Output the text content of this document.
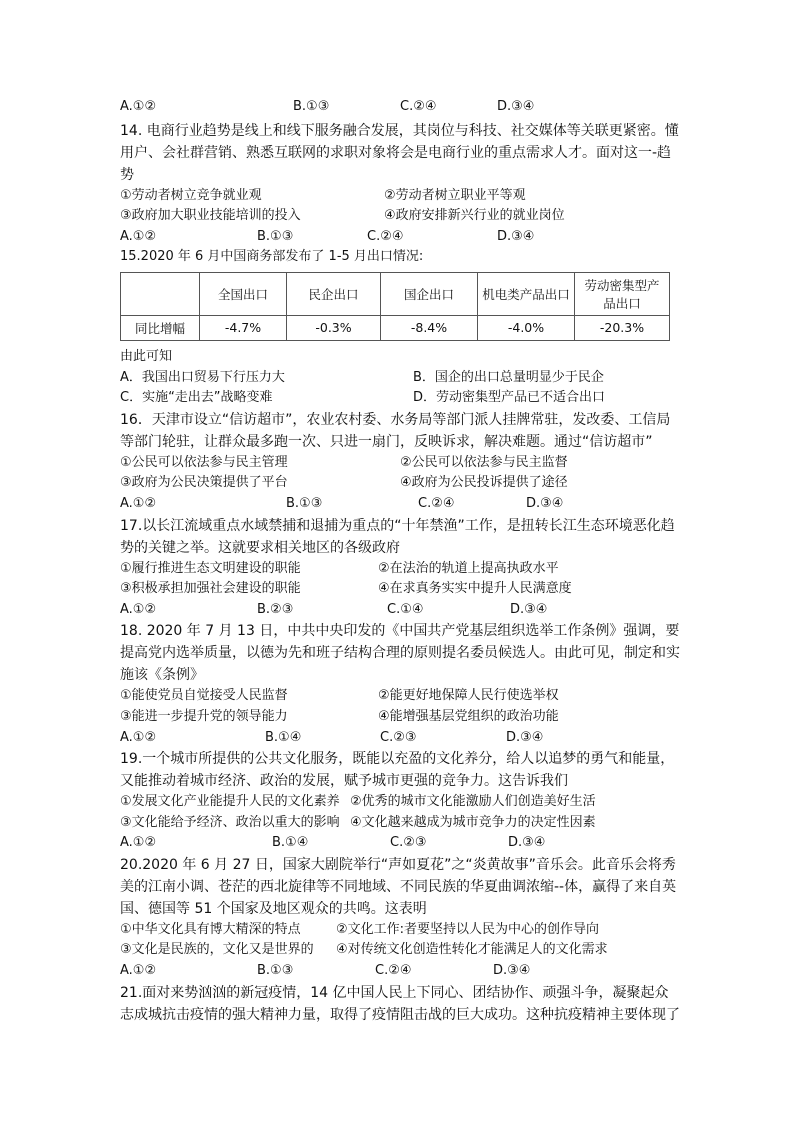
A.①②	B.①③	C.②④	D.③④
14. 电商行业趋势是线上和线下服务融合发展，其岗位与科技、社交媒体等关联更紧密。懂用户、会社群营销、熟悉互联网的求职对象将会是电商行业的重点需求人才。面对这一-趋势
①劳动者树立竞争就业观	②劳动者树立职业平等观
③政府加大职业技能培训的投入	④政府安排新兴行业的就业岗位
A.①②	B.①③	C.②④	D.③④
15.2020 年 6 月中国商务部发布了 1-5 月出口情况:
	全国出口	民企出口	国企出口	机电类产品出口	劳动密集型产品出口
同比增幅	-4.7%	-0.3%	-8.4%	-4.0%	-20.3%
由此可知
A．我国出口贸易下行压力大	B．国企的出口总量明显少于民企
C．实施“走出去”战略变难	D．劳动密集型产品已不适合出口
16．天津市设立“信访超市”，农业农村委、水务局等部门派人挂牌常驻，发改委、工信局等部门轮驻，让群众最多跑一次、只进一扇门，反映诉求，解决难题。通过“信访超市”
①公民可以依法参与民主管理	②公民可以依法参与民主监督
③政府为公民决策提供了平台	④政府为公民投诉提供了途径
A.①②	B.①③	C.②④	D.③④
17.以长江流域重点水域禁捕和退捕为重点的“十年禁渔”工作，是扭转长江生态环境恶化趋势的关键之举。这就要求相关地区的各级政府
①履行推进生态文明建设的职能	②在法治的轨道上提高执政水平
③积极承担加强社会建设的职能	④在求真务实实中提升人民满意度
A.①②	B.②③	C.①④	D.③④
18. 2020 年 7 月 13 日，中共中央印发的《中国共产党基层组织选举工作条例》强调，要提高党内选举质量，以德为先和班子结构合理的原则提名委员候选人。由此可见，制定和实施该《条例》
①能使党员自觉接受人民监督	②能更好地保障人民行使选举权
③能进一步提升党的领导能力	④能增强基层党组织的政治功能
A.①②	B.①④	C.②③	D.③④
19.一个城市所提供的公共文化服务，既能以充盈的文化养分，给人以追梦的勇气和能量，又能推动着城市经济、政治的发展，赋予城市更强的竞争力。这告诉我们
①发展文化产业能提升人民的文化素养 ②优秀的城市文化能激励人们创造美好生活
③文化能给予经济、政治以重大的影响 ④文化越来越成为城市竞争力的决定性因素
A.①②	B.①④	C.②③	D.③④
20.2020 年 6 月 27 日，国家大剧院举行“声如夏花”之“炎黄故事”音乐会。此音乐会将秀美的江南小调、苍茫的西北旋律等不同地域、不同民族的华夏曲调浓缩--体，赢得了来自英国、德国等 51 个国家及地区观众的共鸣。这表明
①中华文化具有博大精深的特点	②文化工作:者要坚持以人民为中心的创作导向
③文化是民族的，文化又是世界的	④对传统文化创造性转化才能满足人的文化需求
A.①②	B.①③	C.②④	D.③④
21.面对来势汹汹的新冠疫情，14 亿中国人民上下同心、团结协作、顽强斗争，凝聚起众志成城抗击疫情的强大精神力量，取得了疫情阻击战的巨大成功。这种抗疫精神主要体现了
